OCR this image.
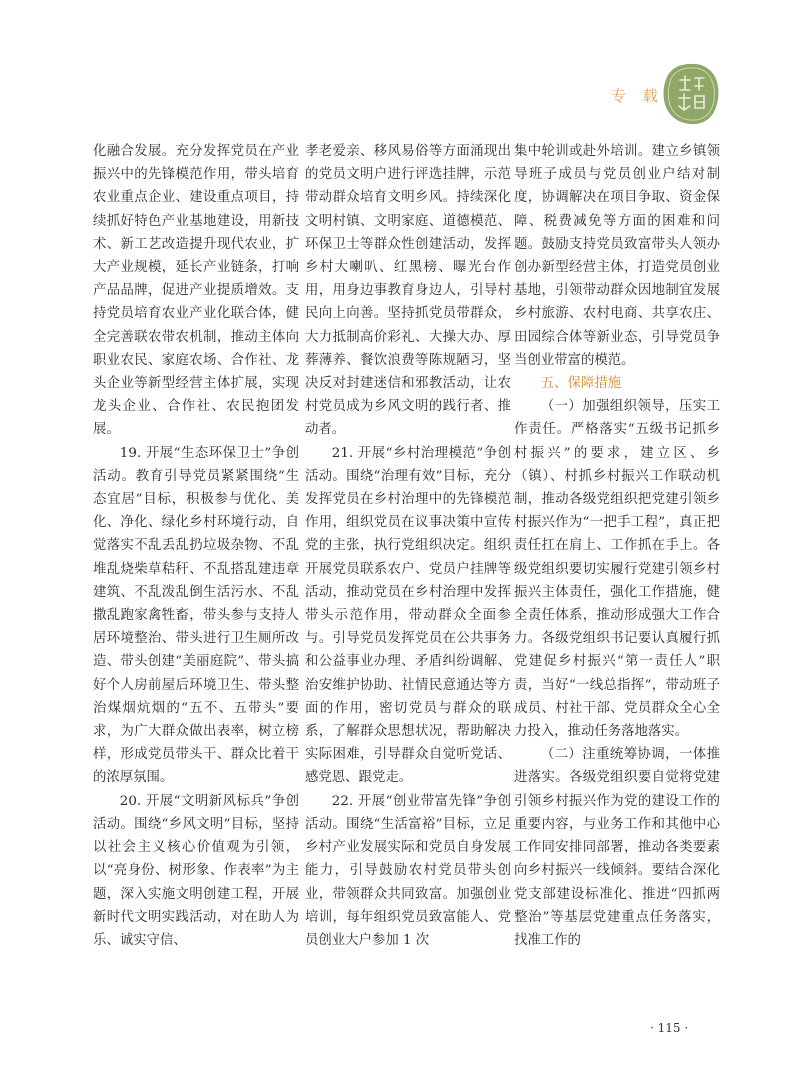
专 载

化融合发展。充分发挥党员在产业振兴中的先锋模范作用，带头培育农业重点企业、建设重点项目，持续抓好特色产业基地建设，用新技术、新工艺改造提升现代农业，扩大产业规模，延长产业链条，打响产品品牌，促进产业提质增效。支持党员培育农业产业化联合体，健全完善联农带农机制，推动主体向职业农民、家庭农场、合作社、龙头企业等新型经营主体扩展，实现龙头企业、合作社、农民抱团发展。

19. 开展“生态环保卫士”争创活动。教育引导党员紧紧围绕“生态宜居”目标，积极参与优化、美化、净化、绿化乡村环境行动，自觉落实不乱丢乱扔垃圾杂物、不乱堆乱烧柴草秸秆、不乱搭乱建违章建筑、不乱泼乱倒生活污水、不乱撒乱跑家禽牲畜，带头参与支持人居环境整治、带头进行卫生厕所改造、带头创建“美丽庭院”、带头搞好个人房前屋后环境卫生、带头整治煤烟炕烟的“五不、五带头”要求，为广大群众做出表率，树立榜样，形成党员带头干、群众比着干的浓厚氛围。

20. 开展“文明新风标兵”争创活动。围绕“乡风文明”目标，坚持以社会主义核心价值观为引领，以“亮身份、树形象、作表率”为主题，深入实施文明创建工程，开展新时代文明实践活动，对在助人为乐、诚实守信、

孝老爱亲、移风易俗等方面涌现出的党员文明户进行评选挂牌，示范带动群众培育文明乡风。持续深化文明村镇、文明家庭、道德模范、环保卫士等群众性创建活动，发挥乡村大喇叭、红黑榜、曝光台作用，用身边事教育身边人，引导村民向上向善。坚持抓党员带群众，大力抵制高价彩礼、大操大办、厚葬薄养、餐饮浪费等陈规陋习，坚决反对封建迷信和邪教活动，让农村党员成为乡风文明的践行者、推动者。

21. 开展“乡村治理模范”争创活动。围绕“治理有效”目标，充分发挥党员在乡村治理中的先锋模范作用，组织党员在议事决策中宣传党的主张，执行党组织决定。组织开展党员联系农户、党员户挂牌等活动，推动党员在乡村治理中发挥带头示范作用，带动群众全面参与。引导党员发挥党员在公共事务和公益事业办理、矛盾纠纷调解、治安维护协助、社情民意通达等方面的作用，密切党员与群众的联系，了解群众思想状况，帮助解决实际困难，引导群众自觉听党话、感党恩、跟党走。

22. 开展“创业带富先锋”争创活动。围绕“生活富裕”目标，立足乡村产业发展实际和党员自身发展能力，引导鼓励农村党员带头创业，带领群众共同致富。加强创业培训，每年组织党员致富能人、党员创业大户参加 1 次

集中轮训或赴外培训。建立乡镇领导班子成员与党员创业户结对制度，协调解决在项目争取、资金保障、税费减免等方面的困难和问题。鼓励支持党员致富带头人领办创办新型经营主体，打造党员创业基地，引领带动群众因地制宜发展乡村旅游、农村电商、共享农庄、田园综合体等新业态，引导党员争当创业带富的模范。

五、保障措施

（一）加强组织领导，压实工作责任。严格落实“五级书记抓乡村振兴”的要求，建立区、乡（镇）、村抓乡村振兴工作联动机制，推动各级党组织把党建引领乡村振兴作为“一把手工程”，真正把责任扛在肩上、工作抓在手上。各级党组织要切实履行党建引领乡村振兴主体责任，强化工作措施，健全责任体系，推动形成强大工作合力。各级党组织书记要认真履行抓党建促乡村振兴“第一责任人”职责，当好“一线总指挥”，带动班子成员、村社干部、党员群众全心全力投入，推动任务落地落实。

（二）注重统筹协调，一体推进落实。各级党组织要自觉将党建引领乡村振兴作为党的建设工作的重要内容，与业务工作和其他中心工作同安排同部署，推动各类要素向乡村振兴一线倾斜。要结合深化党支部建设标准化、推进“四抓两整治”等基层党建重点任务落实，找准工作的

· 115 ·
